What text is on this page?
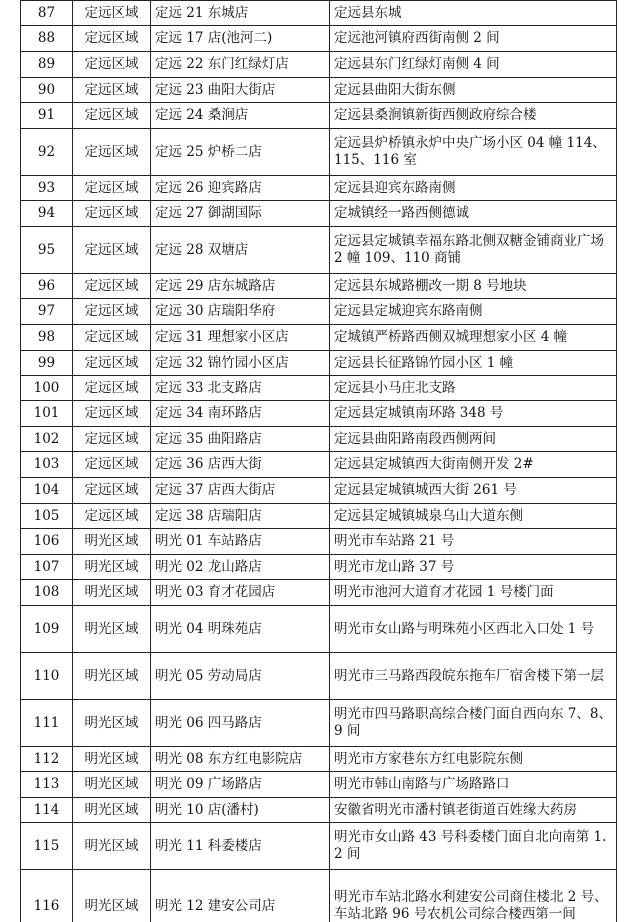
87	定远区域	定远 21 东城店	定远县东城
88	定远区域	定远 17 店(池河二)	定远池河镇府西街南侧 2 间
89	定远区域	定远 22 东门红绿灯店	定远县东门红绿灯南侧 4 间
90	定远区域	定远 23 曲阳大街店	定远县曲阳大街东侧
91	定远区域	定远 24 桑涧店	定远县桑涧镇新街西侧政府综合楼
92	定远区域	定远 25 炉桥二店	定远县炉桥镇永炉中央广场小区 04 幢 114、115、116 室
93	定远区域	定远 26 迎宾路店	定远县迎宾东路南侧
94	定远区域	定远 27 御湖国际	定城镇经一路西侧德诚
95	定远区域	定远 28 双塘店	定远县定城镇幸福东路北侧双糖金铺商业广场 2 幢 109、110 商铺
96	定远区域	定远 29 店东城路店	定远县东城路棚改一期 8 号地块
97	定远区域	定远 30 店瑞阳华府	定远县定城迎宾东路南侧
98	定远区域	定远 31 理想家小区店	定城镇严桥路西侧双城理想家小区 4 幢
99	定远区域	定远 32 锦竹园小区店	定远县长征路锦竹园小区 1 幢
100	定远区域	定远 33 北支路店	定远县小马庄北支路
101	定远区域	定远 34 南环路店	定远县定城镇南环路 348 号
102	定远区域	定远 35 曲阳路店	定远县曲阳路南段西侧两间
103	定远区域	定远 36 店西大街	定远县定城镇西大街南侧开发 2#
104	定远区域	定远 37 店西大街店	定远县定城镇城西大街 261 号
105	定远区域	定远 38 店瑞阳店	定远县定城镇城泉乌山大道东侧
106	明光区域	明光 01 车站路店	明光市车站路 21 号
107	明光区域	明光 02 龙山路店	明光市龙山路 37 号
108	明光区域	明光 03 育才花园店	明光市池河大道育才花园 1 号楼门面
109	明光区域	明光 04 明珠苑店	明光市女山路与明珠苑小区西北入口处 1 号
110	明光区域	明光 05 劳动局店	明光市三马路西段皖东拖车厂宿舍楼下第一层
111	明光区域	明光 06 四马路店	明光市四马路职高综合楼门面自西向东 7、8、9 间
112	明光区域	明光 08 东方红电影院店	明光市方家巷东方红电影院东侧
113	明光区域	明光 09 广场路店	明光市韩山南路与广场路路口
114	明光区域	明光 10 店(潘村)	安徽省明光市潘村镇老街道百姓缘大药房
115	明光区域	明光 11 科委楼店	明光市女山路 43 号科委楼门面自北向南第 1.2 间
116	明光区域	明光 12 建安公司店	明光市车站北路水利建安公司商住楼北 2 号、车站北路 96 号农机公司综合楼西第一间
